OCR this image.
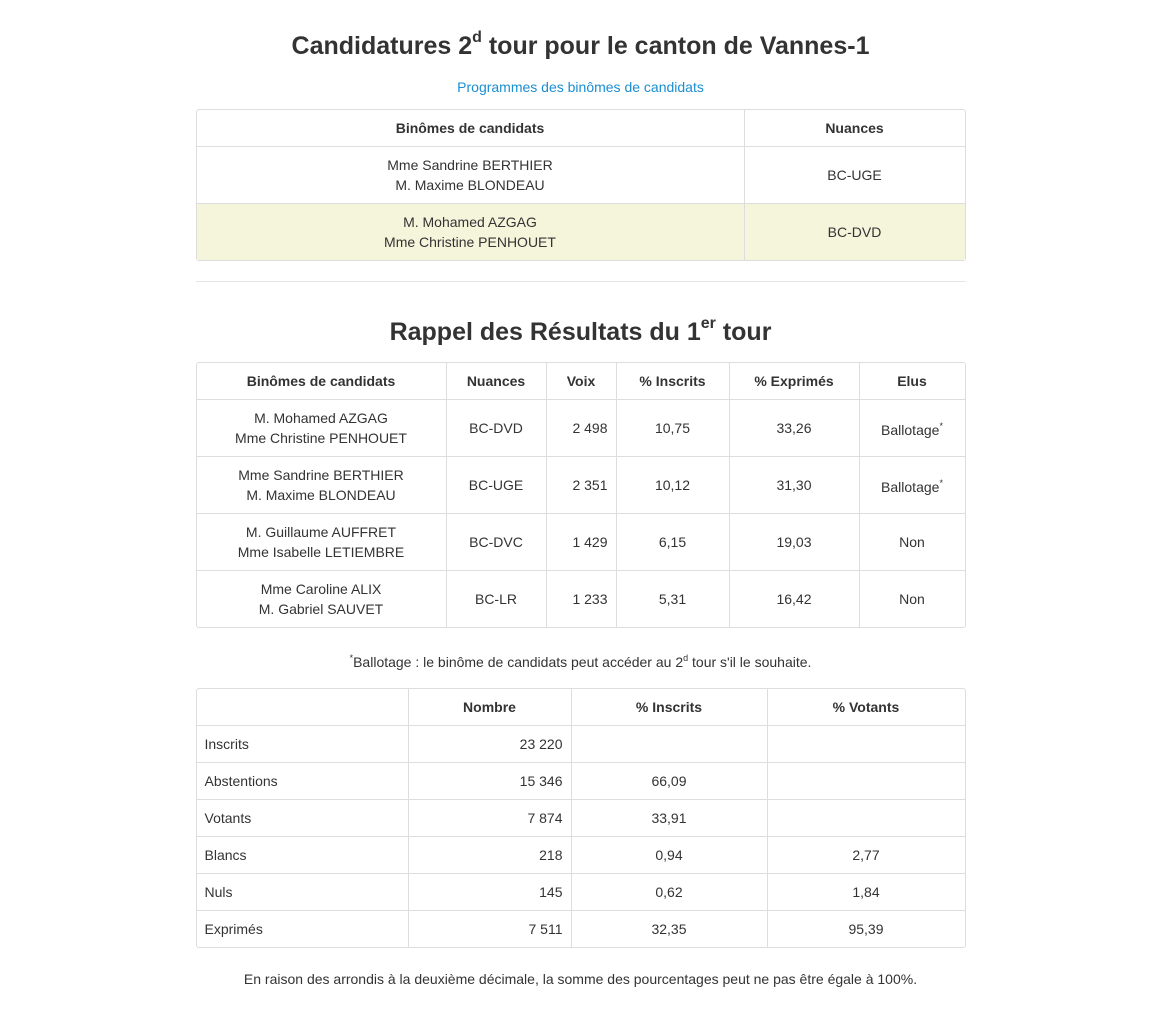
Candidatures 2$^d$ tour pour le canton de Vannes-1
Programmes des binômes de candidats
Binômes de candidats	Nuances

Mme Sandrine BERTHIER
M. Maxime BLONDEAU	BC-UGE

M. Mohamed AZGAG
Mme Christine PENHOUET	BC-DVD
Rappel des Résultats du 1er tour
Binômes de candidats	Nuances	Voix	% Inscrits	% Exprimés	Elus

M. Mohamed AZGAG
Mme Christine PENHOUET	BC-DVD	2 498	10,75	33,26	Ballotage*

Mme Sandrine BERTHIER
M. Maxime BLONDEAU	BC-UGE	2 351	10,12	31,30	Ballotage*

M. Guillaume AUFFRET
Mme Isabelle LETIEMBRE	BC-DVC	1 429	6,15	19,03	Non

Mme Caroline ALIX
M. Gabriel SAUVET	BC-LR	1 233	5,31	16,42	Non
*Ballotage : le binôme de candidats peut accéder au 2$^d$ tour s'il le souhaite.
	Nombre	% Inscrits	% Votants
Inscrits	23 220		
Abstentions	15 346	66,09	
Votants	7 874	33,91	
Blancs	218	0,94	2,77
Nuls	145	0,62	1,84
Exprimés	7 511	32,35	95,39
En raison des arrondis à la deuxième décimale, la somme des pourcentages peut ne pas être égale à 100%.
